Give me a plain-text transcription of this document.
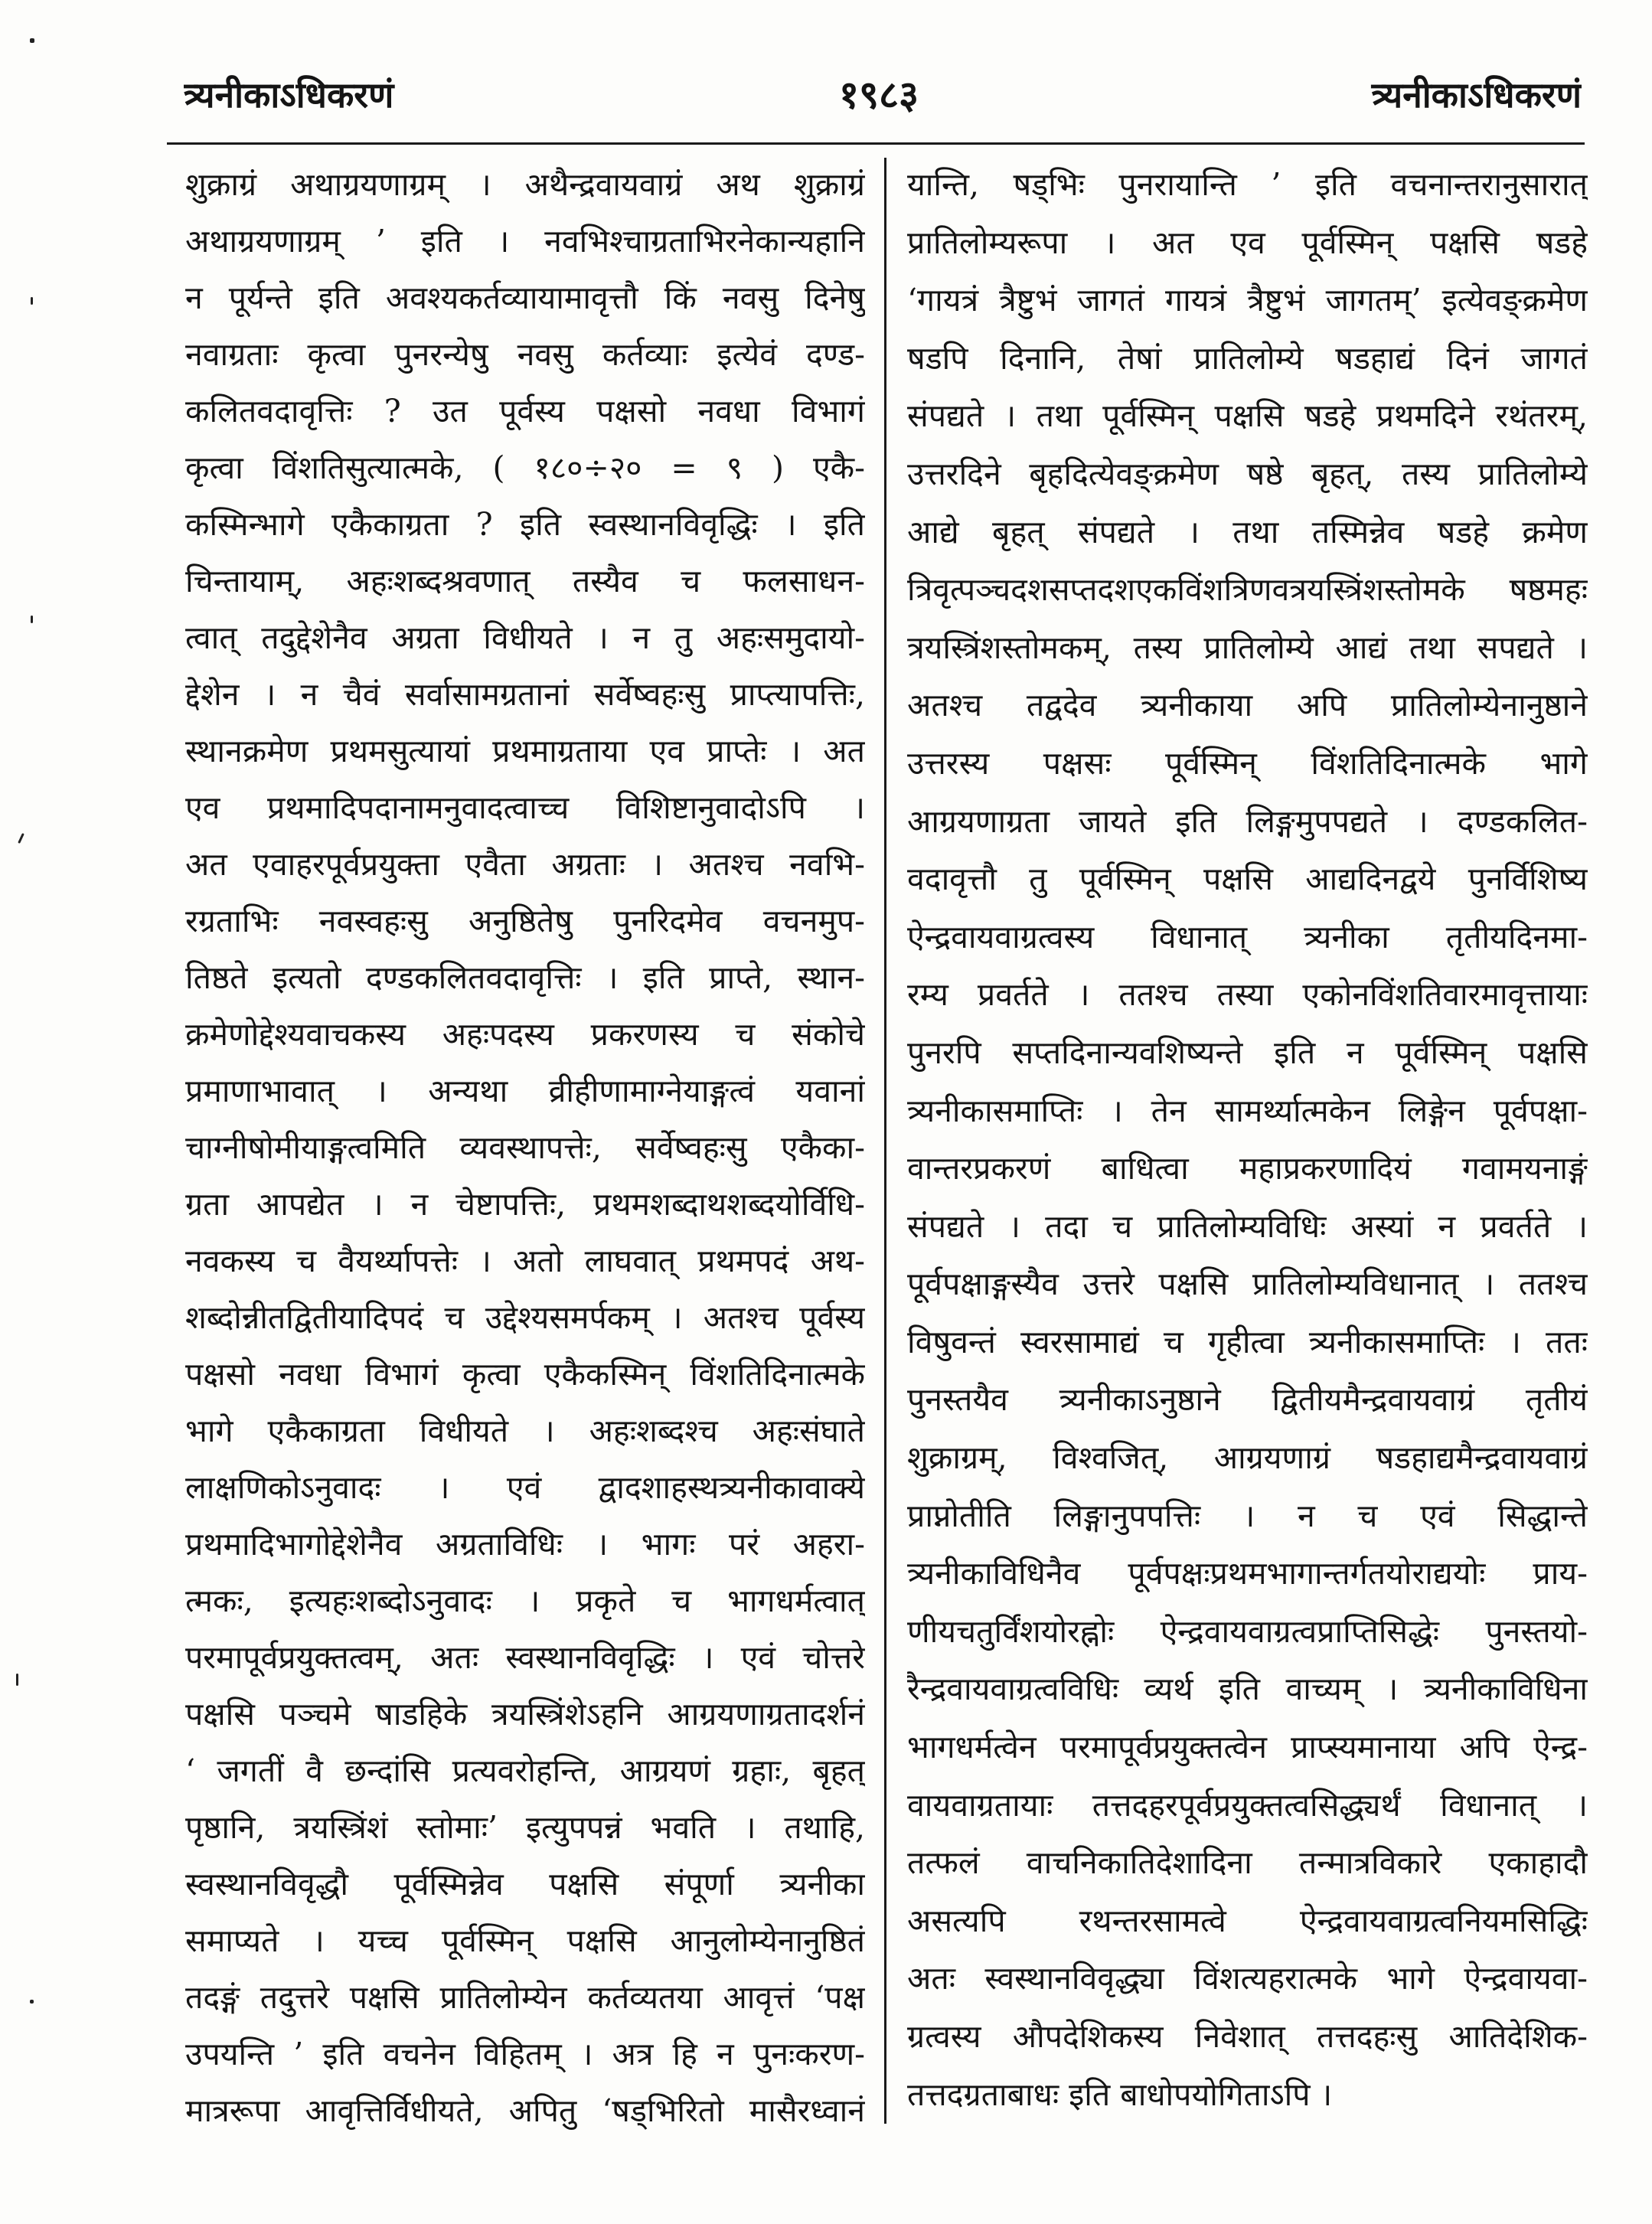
त्र्यनीकाऽधिकरणं	१९८३	त्र्यनीकाऽधिकरणं
शुक्राग्रं अथाग्रयणाग्रम् । अथैन्द्रवायवाग्रं अथ शुक्राग्रं
अथाग्रयणाग्रम् ’ इति । नवभिश्चाग्रताभिरनेकान्यहानि
न पूर्यन्ते इति अवश्यकर्तव्यायामावृत्तौ किं नवसु दिनेषु
नवाग्रताः कृत्वा पुनरन्येषु नवसु कर्तव्याः इत्येवं दण्ड-
कलितवदावृत्तिः ? उत पूर्वस्य पक्षसो नवधा विभागं
कृत्वा विंशतिसुत्यात्मके, ( १८०÷२० = ९ ) एकै-
कस्मिन्भागे एकैकाग्रता ? इति स्वस्थानविवृद्धिः । इति
चिन्तायाम्, अहःशब्दश्रवणात् तस्यैव च फलसाधन-
त्वात् तदुद्देशेनैव अग्रता विधीयते । न तु अहःसमुदायो-
द्देशेन । न चैवं सर्वासामग्रतानां सर्वेष्वहःसु प्राप्त्यापत्तिः,
स्थानक्रमेण प्रथमसुत्यायां प्रथमाग्रताया एव प्राप्तेः । अत
एव प्रथमादिपदानामनुवादत्वाच्च विशिष्टानुवादोऽपि ।
अत एवाहरपूर्वप्रयुक्ता एवैता अग्रताः । अतश्च नवभि-
रग्रताभिः नवस्वहःसु अनुष्ठितेषु पुनरिदमेव वचनमुप-
तिष्ठते इत्यतो दण्डकलितवदावृत्तिः । इति प्राप्ते, स्थान-
क्रमेणोद्देश्यवाचकस्य अहःपदस्य प्रकरणस्य च संकोचे
प्रमाणाभावात् । अन्यथा व्रीहीणामाग्नेयाङ्गत्वं यवानां
चाग्नीषोमीयाङ्गत्वमिति व्यवस्थापत्तेः, सर्वेष्वहःसु एकैका-
ग्रता आपद्येत । न चेष्टापत्तिः, प्रथमशब्दाथशब्दयोर्विधि-
नवकस्य च वैयर्थ्यापत्तेः । अतो लाघवात् प्रथमपदं अथ-
शब्दोन्नीतद्वितीयादिपदं च उद्देश्यसमर्पकम् । अतश्च पूर्वस्य
पक्षसो नवधा विभागं कृत्वा एकैकस्मिन् विंशतिदिनात्मके
भागे एकैकाग्रता विधीयते । अहःशब्दश्च अहःसंघाते
लाक्षणिकोऽनुवादः । एवं द्वादशाहस्थत्र्यनीकावाक्ये
प्रथमादिभागोद्देशेनैव अग्रताविधिः । भागः परं अहरा-
त्मकः, इत्यहःशब्दोऽनुवादः । प्रकृते च भागधर्मत्वात्
परमापूर्वप्रयुक्तत्वम्, अतः स्वस्थानविवृद्धिः । एवं चोत्तरे
पक्षसि पञ्चमे षाडहिके त्रयस्त्रिंशेऽहनि आग्रयणाग्रतादर्शनं
‘ जगतीं वै छन्दांसि प्रत्यवरोहन्ति, आग्रयणं ग्रहाः, बृहत्
पृष्ठानि, त्रयस्त्रिंशं स्तोमाः’ इत्युपपन्नं भवति । तथाहि,
स्वस्थानविवृद्धौ पूर्वस्मिन्नेव पक्षसि संपूर्णा त्र्यनीका
समाप्यते । यच्च पूर्वस्मिन् पक्षसि आनुलोम्येनानुष्ठितं
तदङ्गं तदुत्तरे पक्षसि प्रातिलोम्येन कर्तव्यतया आवृत्तं ‘पक्ष
उपयन्ति ’ इति वचनेन विहितम् । अत्र हि न पुनःकरण-
मात्ररूपा आवृत्तिर्विधीयते, अपितु ‘षड्भिरितो मासैरध्वानं
यान्ति, षड्भिः पुनरायान्ति ’ इति वचनान्तरानुसारात्
प्रातिलोम्यरूपा । अत एव पूर्वस्मिन् पक्षसि षडहे
‘गायत्रं त्रैष्टुभं जागतं गायत्रं त्रैष्टुभं जागतम्’ इत्येवङ्क्रमेण
षडपि दिनानि, तेषां प्रातिलोम्ये षडहाद्यं दिनं जागतं
संपद्यते । तथा पूर्वस्मिन् पक्षसि षडहे प्रथमदिने रथंतरम्,
उत्तरदिने बृहदित्येवङ्क्रमेण षष्ठे बृहत्, तस्य प्रातिलोम्ये
आद्ये बृहत् संपद्यते । तथा तस्मिन्नेव षडहे क्रमेण
त्रिवृत्पञ्चदशसप्तदशएकविंशत्रिणवत्रयस्त्रिंशस्तोमके षष्ठमहः
त्रयस्त्रिंशस्तोमकम्, तस्य प्रातिलोम्ये आद्यं तथा सपद्यते ।
अतश्च तद्वदेव त्र्यनीकाया अपि प्रातिलोम्येनानुष्ठाने
उत्तरस्य पक्षसः पूर्वस्मिन् विंशतिदिनात्मके भागे
आग्रयणाग्रता जायते इति लिङ्गमुपपद्यते । दण्डकलित-
वदावृत्तौ तु पूर्वस्मिन् पक्षसि आद्यदिनद्वये पुनर्विशिष्य
ऐन्द्रवायवाग्रत्वस्य विधानात् त्र्यनीका तृतीयदिनमा-
रम्य प्रवर्तते । ततश्च तस्या एकोनविंशतिवारमावृत्तायाः
पुनरपि सप्तदिनान्यवशिष्यन्ते इति न पूर्वस्मिन् पक्षसि
त्र्यनीकासमाप्तिः । तेन सामर्थ्यात्मकेन लिङ्गेन पूर्वपक्षा-
वान्तरप्रकरणं बाधित्वा महाप्रकरणादियं गवामयनाङ्गं
संपद्यते । तदा च प्रातिलोम्यविधिः अस्यां न प्रवर्तते ।
पूर्वपक्षाङ्गस्यैव उत्तरे पक्षसि प्रातिलोम्यविधानात् । ततश्च
विषुवन्तं स्वरसामाद्यं च गृहीत्वा त्र्यनीकासमाप्तिः । ततः
पुनस्तयैव त्र्यनीकाऽनुष्ठाने द्वितीयमैन्द्रवायवाग्रं तृतीयं
शुक्राग्रम्, विश्वजित्, आग्रयणाग्रं षडहाद्यमैन्द्रवायवाग्रं
प्राप्नोतीति लिङ्गानुपपत्तिः । न च एवं सिद्धान्ते
त्र्यनीकाविधिनैव पूर्वपक्षःप्रथमभागान्तर्गतयोराद्ययोः प्राय-
णीयचतुर्विंशयोरह्नोः ऐन्द्रवायवाग्रत्वप्राप्तिसिद्धेः पुनस्तयो-
रैन्द्रवायवाग्रत्वविधिः व्यर्थ इति वाच्यम् । त्र्यनीकाविधिना
भागधर्मत्वेन परमापूर्वप्रयुक्तत्वेन प्राप्स्यमानाया अपि ऐन्द्र-
वायवाग्रतायाः तत्तदहरपूर्वप्रयुक्तत्वसिद्ध्यर्थं विधानात् ।
तत्फलं वाचनिकातिदेशादिना तन्मात्रविकारे एकाहादौ
असत्यपि रथन्तरसामत्वे ऐन्द्रवायवाग्रत्वनियमसिद्धिः
अतः स्वस्थानविवृद्ध्या विंशत्यहरात्मके भागे ऐन्द्रवायवा-
ग्रत्वस्य औपदेशिकस्य निवेशात् तत्तदहःसु आतिदेशिक-
तत्तदग्रताबाधः इति बाधोपयोगिताऽपि ।
